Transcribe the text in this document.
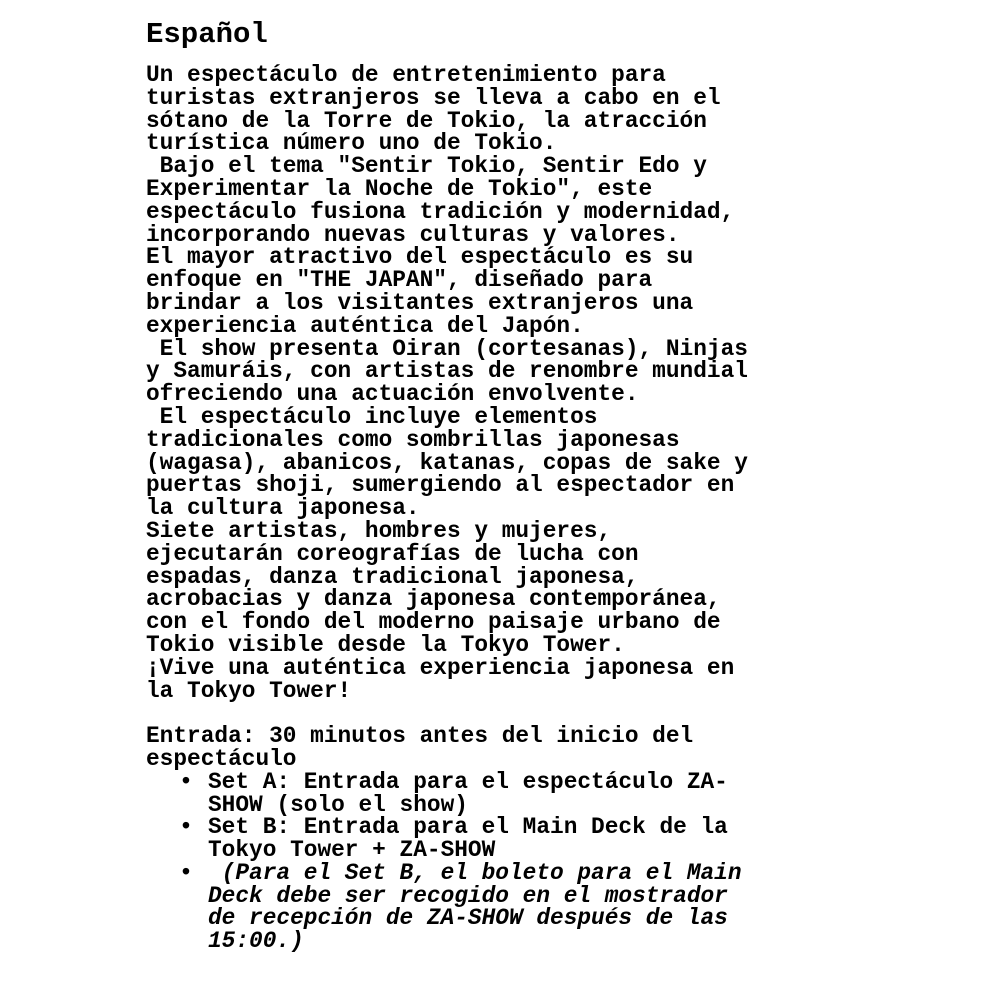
Español
Un espectáculo de entretenimiento para
turistas extranjeros se lleva a cabo en el
sótano de la Torre de Tokio, la atracción
turística número uno de Tokio.
Bajo el tema "Sentir Tokio, Sentir Edo y
Experimentar la Noche de Tokio", este
espectáculo fusiona tradición y modernidad,
incorporando nuevas culturas y valores.
El mayor atractivo del espectáculo es su
enfoque en "THE JAPAN", diseñado para
brindar a los visitantes extranjeros una
experiencia auténtica del Japón.
El show presenta Oiran (cortesanas), Ninjas
y Samuráis, con artistas de renombre mundial
ofreciendo una actuación envolvente.
El espectáculo incluye elementos
tradicionales como sombrillas japonesas
(wagasa), abanicos, katanas, copas de sake y
puertas shoji, sumergiendo al espectador en
la cultura japonesa.
Siete artistas, hombres y mujeres,
ejecutarán coreografías de lucha con
espadas, danza tradicional japonesa,
acrobacias y danza japonesa contemporánea,
con el fondo del moderno paisaje urbano de
Tokio visible desde la Tokyo Tower.
¡Vive una auténtica experiencia japonesa en
la Tokyo Tower!
Entrada: 30 minutos antes del inicio del
espectáculo
• Set A: Entrada para el espectáculo ZA-
SHOW (solo el show)
• Set B: Entrada para el Main Deck de la
Tokyo Tower + ZA-SHOW
• (Para el Set B, el boleto para el Main
Deck debe ser recogido en el mostrador
de recepción de ZA-SHOW después de las
15:00.)
